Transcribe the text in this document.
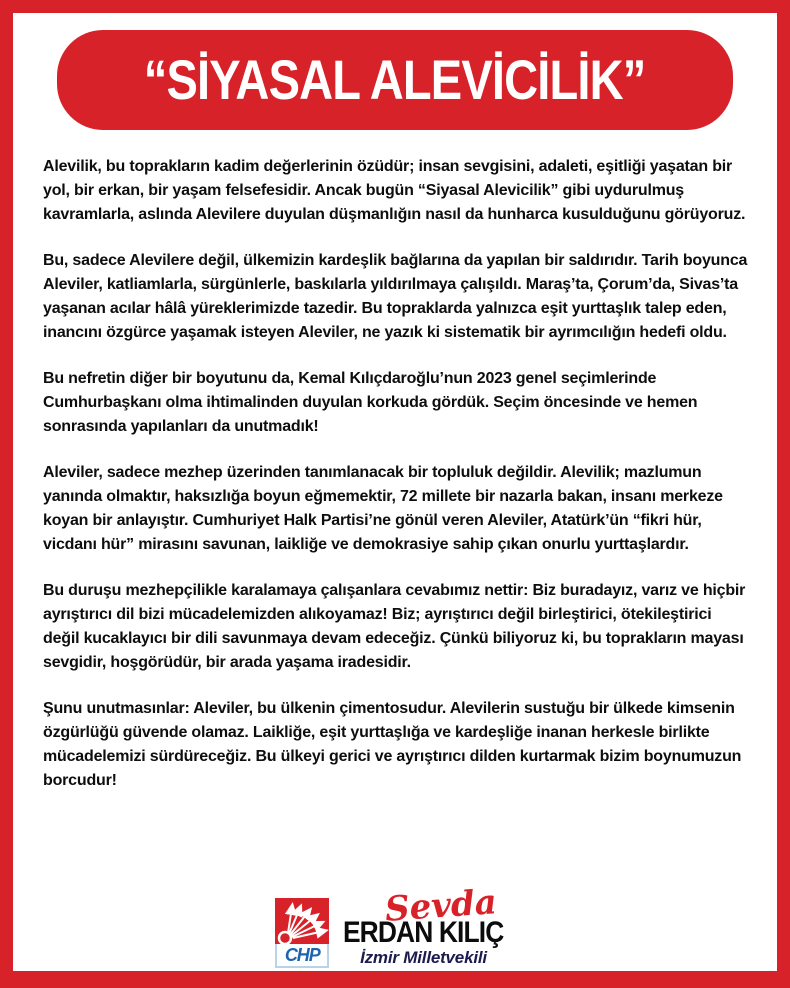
“SİYASAL ALEVİCİLİK”

Alevilik, bu toprakların kadim değerlerinin özüdür; insan sevgisini, adaleti, eşitliği yaşatan bir yol, bir erkan, bir yaşam felsefesidir. Ancak bugün “Siyasal Alevicilik” gibi uydurulmuş kavramlarla, aslında Alevilere duyulan düşmanlığın nasıl da hunharca kusulduğunu görüyoruz.

Bu, sadece Alevilere değil, ülkemizin kardeşlik bağlarına da yapılan bir saldırıdır. Tarih boyunca Aleviler, katliamlarla, sürgünlerle, baskılarla yıldırılmaya çalışıldı. Maraş’ta, Çorum’da, Sivas’ta yaşanan acılar hâlâ yüreklerimizde tazedir. Bu topraklarda yalnızca eşit yurttaşlık talep eden, inancını özgürce yaşamak isteyen Aleviler, ne yazık ki sistematik bir ayrımcılığın hedefi oldu.

Bu nefretin diğer bir boyutunu da, Kemal Kılıçdaroğlu’nun 2023 genel seçimlerinde Cumhurbaşkanı olma ihtimalinden duyulan korkuda gördük. Seçim öncesinde ve hemen sonrasında yapılanları da unutmadık!

Aleviler, sadece mezhep üzerinden tanımlanacak bir topluluk değildir. Alevilik; mazlumun yanında olmaktır, haksızlığa boyun eğmemektir, 72 millete bir nazarla bakan, insanı merkeze koyan bir anlayıştır. Cumhuriyet Halk Partisi’ne gönül veren Aleviler, Atatürk’ün “fikri hür, vicdanı hür” mirasını savunan, laikliğe ve demokrasiye sahip çıkan onurlu yurttaşlardır.

Bu duruşu mezhepçilikle karalamaya çalışanlara cevabımız nettir: Biz buradayız, varız ve hiçbir ayrıştırıcı dil bizi mücadelemizden alıkoyamaz! Biz; ayrıştırıcı değil birleştirici, ötekileştirici değil kucaklayıcı bir dili savunmaya devam edeceğiz. Çünkü biliyoruz ki, bu toprakların mayası sevgidir, hoşgörüdür, bir arada yaşama iradesidir.

Şunu unutmasınlar: Aleviler, bu ülkenin çimentosudur. Alevilerin sustuğu bir ülkede kimsenin özgürlüğü güvende olamaz. Laikliğe, eşit yurttaşlığa ve kardeşliğe inanan herkesle birlikte mücadelemizi sürdüreceğiz. Bu ülkeyi gerici ve ayrıştırıcı dilden kurtarmak bizim boynumuzun borcudur!

CHP
Sevda
ERDAN KILIÇ
İzmir Milletvekili
